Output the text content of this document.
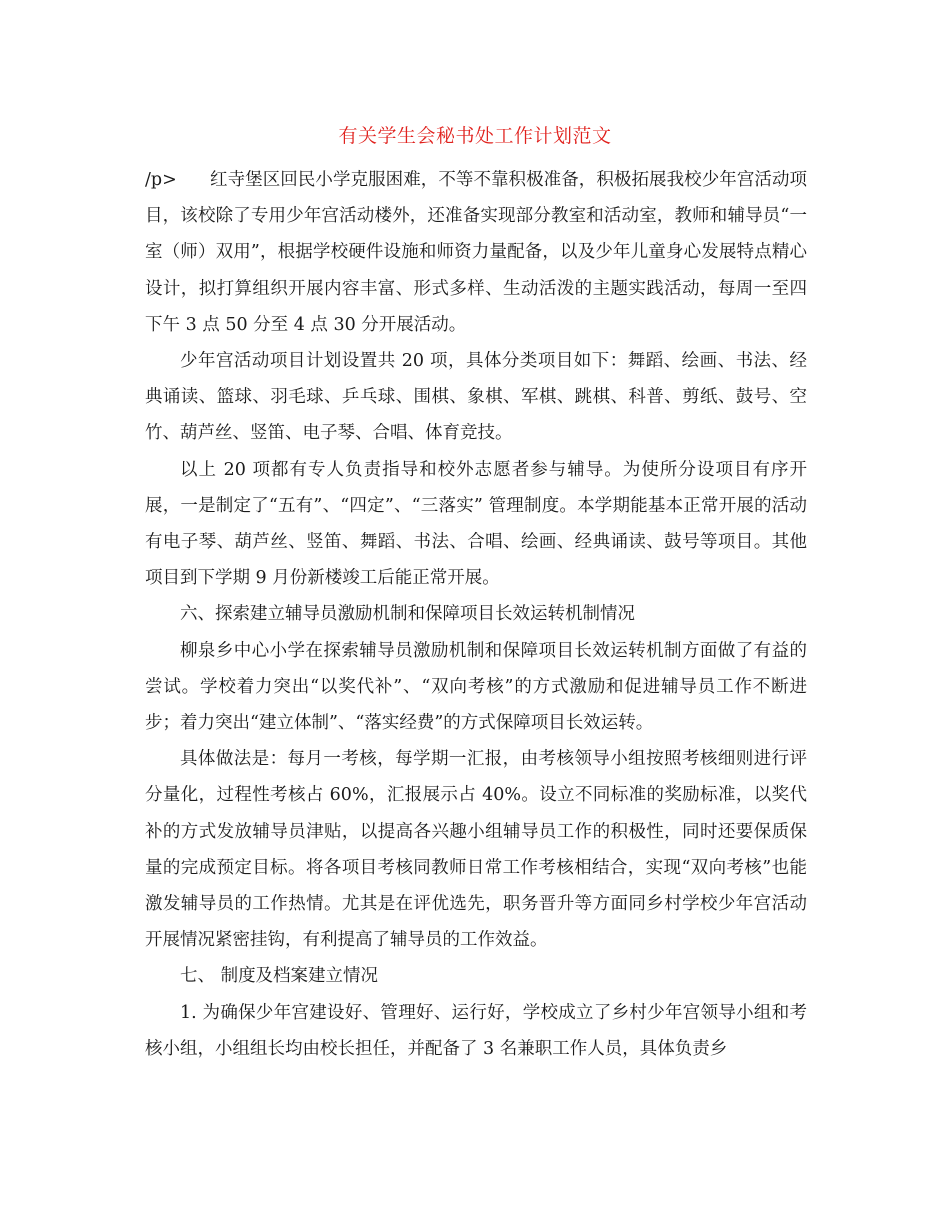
有关学生会秘书处工作计划范文

/p> 红寺堡区回民小学克服困难，不等不靠积极准备，积极拓展我校少年宫活动项目，该校除了专用少年宫活动楼外，还准备实现部分教室和活动室，教师和辅导员“一室（师）双用”，根据学校硬件设施和师资力量配备，以及少年儿童身心发展特点精心设计，拟打算组织开展内容丰富、形式多样、生动活泼的主题实践活动，每周一至四下午 3 点 50 分至 4 点 30 分开展活动。

少年宫活动项目计划设置共 20 项，具体分类项目如下：舞蹈、绘画、书法、经典诵读、篮球、羽毛球、乒乓球、围棋、象棋、军棋、跳棋、科普、剪纸、鼓号、空竹、葫芦丝、竖笛、电子琴、合唱、体育竞技。

以上 20 项都有专人负责指导和校外志愿者参与辅导。为使所分设项目有序开展，一是制定了“五有”、“四定”、“三落实” 管理制度。本学期能基本正常开展的活动有电子琴、葫芦丝、竖笛、舞蹈、书法、合唱、绘画、经典诵读、鼓号等项目。其他项目到下学期 9 月份新楼竣工后能正常开展。

六、探索建立辅导员激励机制和保障项目长效运转机制情况

柳泉乡中心小学在探索辅导员激励机制和保障项目长效运转机制方面做了有益的尝试。学校着力突出“以奖代补”、“双向考核”的方式激励和促进辅导员工作不断进步；着力突出“建立体制”、“落实经费”的方式保障项目长效运转。

具体做法是：每月一考核，每学期一汇报，由考核领导小组按照考核细则进行评分量化，过程性考核占 60%，汇报展示占 40%。设立不同标准的奖励标准，以奖代补的方式发放辅导员津贴，以提高各兴趣小组辅导员工作的积极性，同时还要保质保量的完成预定目标。将各项目考核同教师日常工作考核相结合，实现“双向考核”也能激发辅导员的工作热情。尤其是在评优选先，职务晋升等方面同乡村学校少年宫活动开展情况紧密挂钩，有利提高了辅导员的工作效益。

七、 制度及档案建立情况

1. 为确保少年宫建设好、管理好、运行好，学校成立了乡村少年宫领导小组和考核小组，小组组长均由校长担任，并配备了 3 名兼职工作人员，具体负责乡
